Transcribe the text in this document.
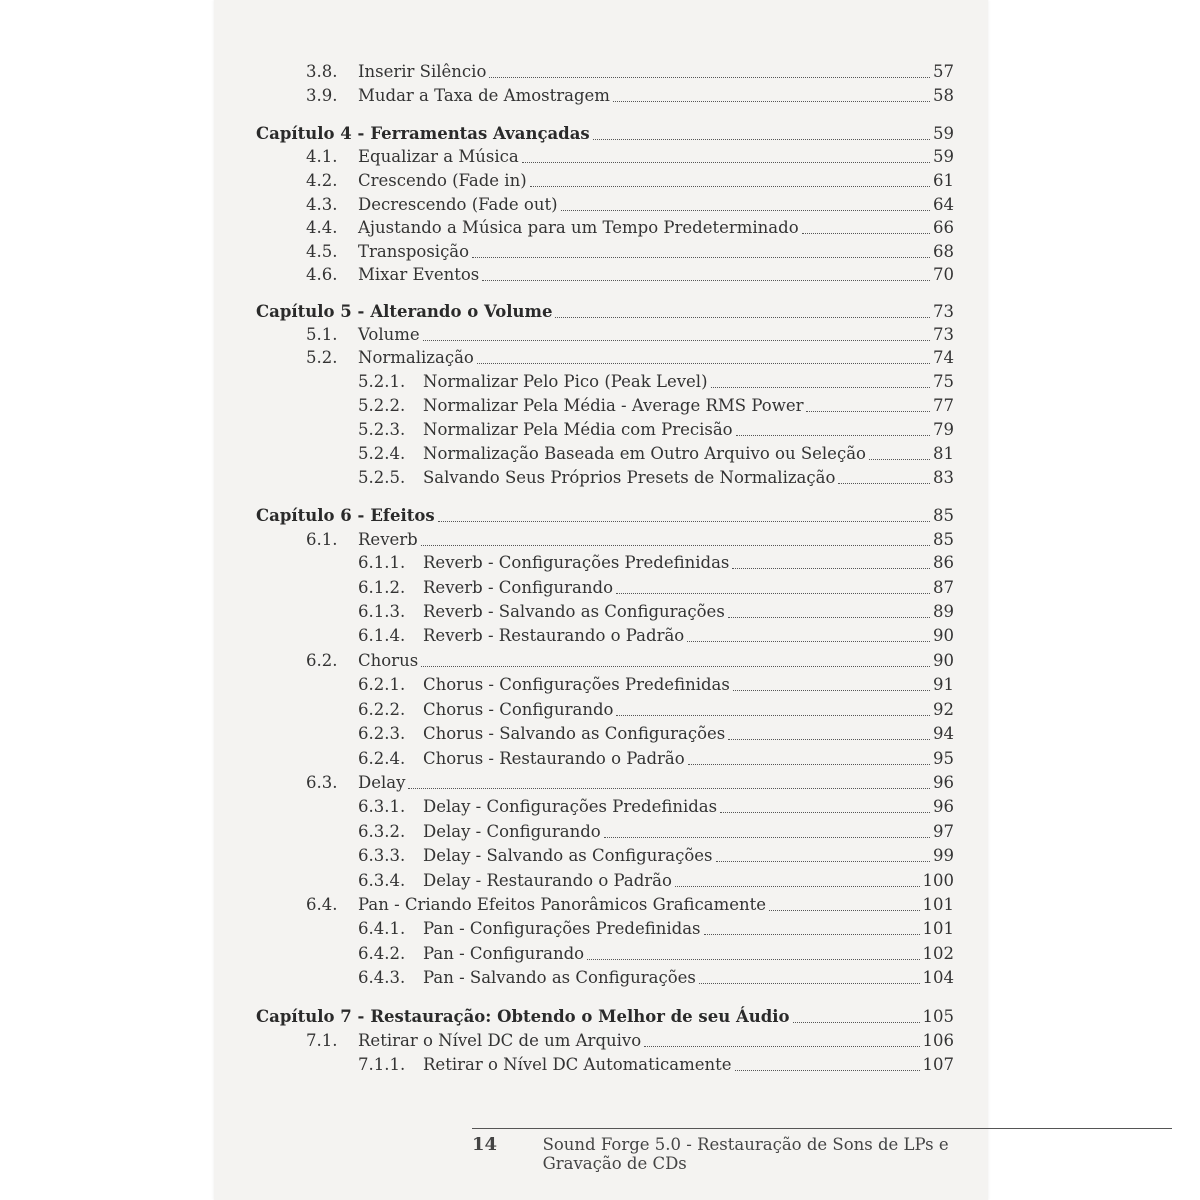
3.8.	Inserir Silêncio	57
3.9.	Mudar a Taxa de Amostragem	58
Capítulo 4 - Ferramentas Avançadas	59
4.1.	Equalizar a Música	59
4.2.	Crescendo (Fade in)	61
4.3.	Decrescendo (Fade out)	64
4.4.	Ajustando a Música para um Tempo Predeterminado	66
4.5.	Transposição	68
4.6.	Mixar Eventos	70
Capítulo 5 - Alterando o Volume	73
5.1.	Volume	73
5.2.	Normalização	74
5.2.1.	Normalizar Pelo Pico (Peak Level)	75
5.2.2.	Normalizar Pela Média - Average RMS Power	77
5.2.3.	Normalizar Pela Média com Precisão	79
5.2.4.	Normalização Baseada em Outro Arquivo ou Seleção	81
5.2.5.	Salvando Seus Próprios Presets de Normalização	83
Capítulo 6 - Efeitos	85
6.1.	Reverb	85
6.1.1.	Reverb - Configurações Predefinidas	86
6.1.2.	Reverb - Configurando	87
6.1.3.	Reverb - Salvando as Configurações	89
6.1.4.	Reverb - Restaurando o Padrão	90
6.2.	Chorus	90
6.2.1.	Chorus - Configurações Predefinidas	91
6.2.2.	Chorus - Configurando	92
6.2.3.	Chorus - Salvando as Configurações	94
6.2.4.	Chorus - Restaurando o Padrão	95
6.3.	Delay	96
6.3.1.	Delay - Configurações Predefinidas	96
6.3.2.	Delay - Configurando	97
6.3.3.	Delay - Salvando as Configurações	99
6.3.4.	Delay - Restaurando o Padrão	100
6.4.	Pan - Criando Efeitos Panorâmicos Graficamente	101
6.4.1.	Pan - Configurações Predefinidas	101
6.4.2.	Pan - Configurando	102
6.4.3.	Pan - Salvando as Configurações	104
Capítulo 7 - Restauração: Obtendo o Melhor de seu Áudio	105
7.1.	Retirar o Nível DC de um Arquivo	106
7.1.1.	Retirar o Nível DC Automaticamente	107
14	Sound Forge 5.0 - Restauração de Sons de LPs e Gravação de CDs
